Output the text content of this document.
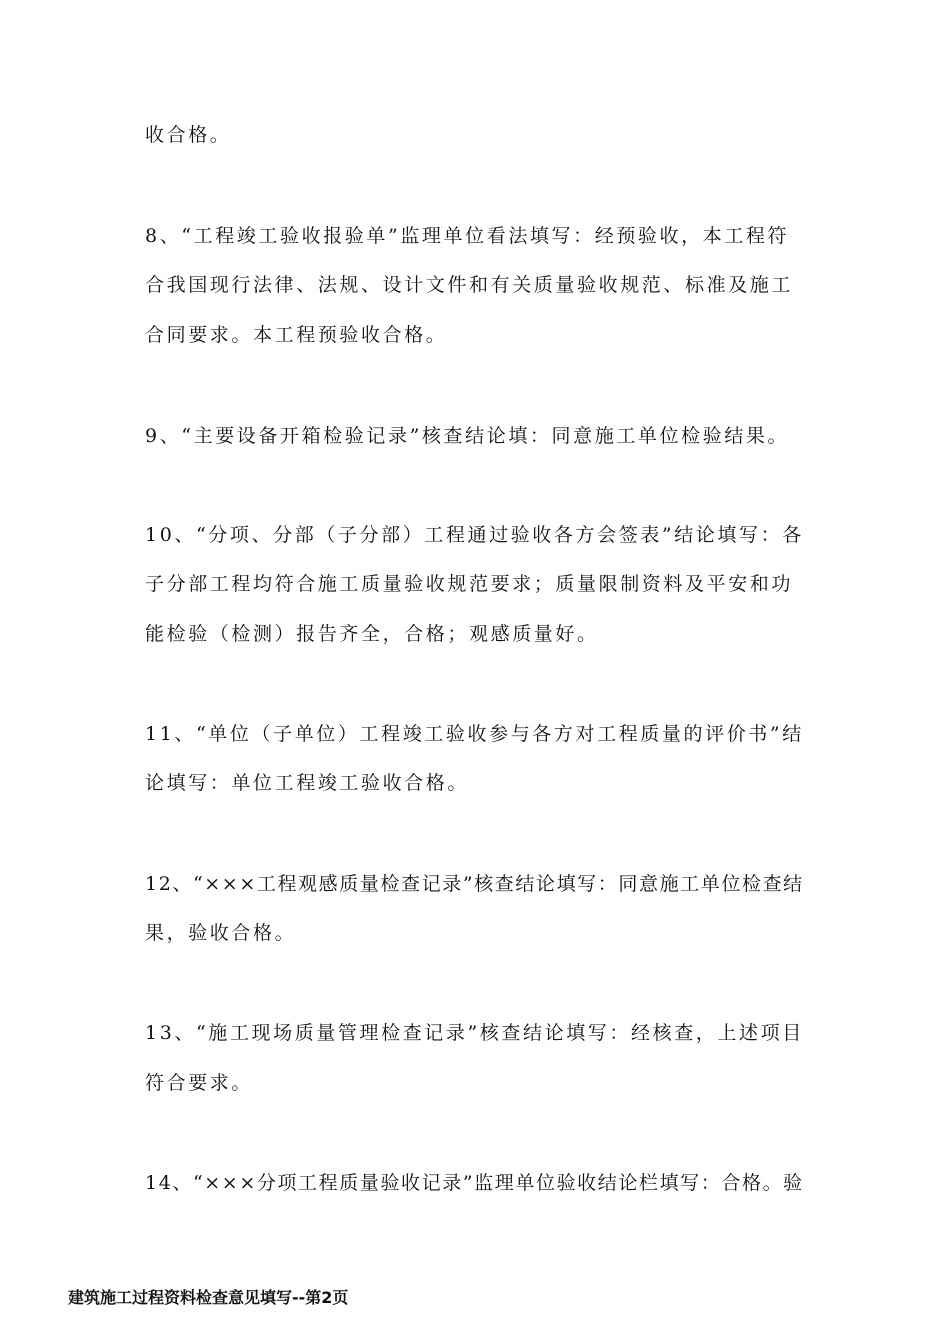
收合格。
8、“工程竣工验收报验单”监理单位看法填写：经预验收，本工程符
合我国现行法律、法规、设计文件和有关质量验收规范、标准及施工
合同要求。本工程预验收合格。
9、“主要设备开箱检验记录”核查结论填：同意施工单位检验结果。
10、“分项、分部（子分部）工程通过验收各方会签表”结论填写：各
子分部工程均符合施工质量验收规范要求；质量限制资料及平安和功
能检验（检测）报告齐全，合格；观感质量好。
11、“单位（子单位）工程竣工验收参与各方对工程质量的评价书”结
论填写：单位工程竣工验收合格。
12、“×××工程观感质量检查记录”核查结论填写：同意施工单位检查结
果，验收合格。
13、“施工现场质量管理检查记录”核查结论填写：经核查，上述项目
符合要求。
14、“×××分项工程质量验收记录”监理单位验收结论栏填写：合格。验
建筑施工过程资料检查意见填写--第2页
